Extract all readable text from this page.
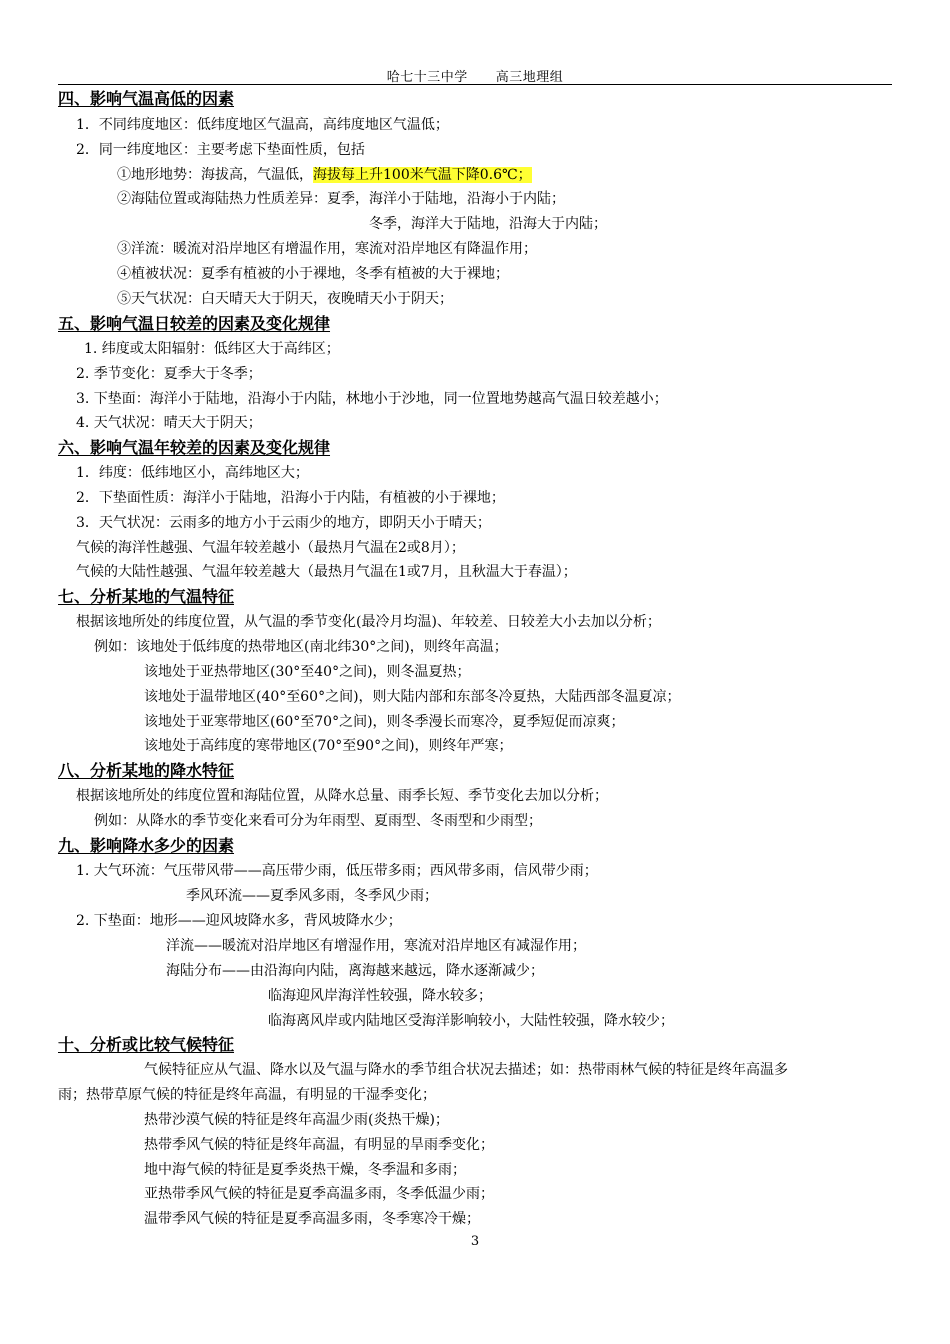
哈七十三中学 高三地理组
四、影响气温高低的因素
1．不同纬度地区：低纬度地区气温高，高纬度地区气温低；
2．同一纬度地区：主要考虑下垫面性质，包括
①地形地势：海拔高，气温低，海拔每上升100米气温下降0.6℃；
②海陆位置或海陆热力性质差异：夏季，海洋小于陆地，沿海小于内陆；
冬季，海洋大于陆地，沿海大于内陆；
③洋流：暖流对沿岸地区有增温作用，寒流对沿岸地区有降温作用；
④植被状况：夏季有植被的小于裸地，冬季有植被的大于裸地；
⑤天气状况：白天晴天大于阴天，夜晚晴天小于阴天；
五、影响气温日较差的因素及变化规律
1. 纬度或太阳辐射：低纬区大于高纬区；
2. 季节变化：夏季大于冬季；
3. 下垫面：海洋小于陆地，沿海小于内陆，林地小于沙地，同一位置地势越高气温日较差越小；
4. 天气状况：晴天大于阴天；
六、影响气温年较差的因素及变化规律
1．纬度：低纬地区小，高纬地区大；
2．下垫面性质：海洋小于陆地，沿海小于内陆，有植被的小于裸地；
3．天气状况：云雨多的地方小于云雨少的地方，即阴天小于晴天；
气候的海洋性越强、气温年较差越小（最热月气温在2或8月）；
气候的大陆性越强、气温年较差越大（最热月气温在1或7月，且秋温大于春温）；
七、分析某地的气温特征
根据该地所处的纬度位置，从气温的季节变化(最冷月均温)、年较差、日较差大小去加以分析；
例如：该地处于低纬度的热带地区(南北纬30°之间)，则终年高温；
该地处于亚热带地区(30°至40°之间)，则冬温夏热；
该地处于温带地区(40°至60°之间)，则大陆内部和东部冬冷夏热，大陆西部冬温夏凉；
该地处于亚寒带地区(60°至70°之间)，则冬季漫长而寒冷，夏季短促而凉爽；
该地处于高纬度的寒带地区(70°至90°之间)，则终年严寒；
八、分析某地的降水特征
根据该地所处的纬度位置和海陆位置，从降水总量、雨季长短、季节变化去加以分析；
例如：从降水的季节变化来看可分为年雨型、夏雨型、冬雨型和少雨型；
九、影响降水多少的因素
1. 大气环流：气压带风带——高压带少雨，低压带多雨；西风带多雨，信风带少雨；
季风环流——夏季风多雨，冬季风少雨；
2. 下垫面：地形——迎风坡降水多，背风坡降水少；
洋流——暖流对沿岸地区有增湿作用，寒流对沿岸地区有减湿作用；
海陆分布——由沿海向内陆，离海越来越远，降水逐渐减少；
临海迎风岸海洋性较强，降水较多；
临海离风岸或内陆地区受海洋影响较小，大陆性较强，降水较少；
十、分析或比较气候特征
气候特征应从气温、降水以及气温与降水的季节组合状况去描述；如：热带雨林气候的特征是终年高温多
雨；热带草原气候的特征是终年高温，有明显的干湿季变化；
热带沙漠气候的特征是终年高温少雨(炎热干燥)；
热带季风气候的特征是终年高温，有明显的旱雨季变化；
地中海气候的特征是夏季炎热干燥，冬季温和多雨；
亚热带季风气候的特征是夏季高温多雨，冬季低温少雨；
温带季风气候的特征是夏季高温多雨，冬季寒冷干燥；
3
